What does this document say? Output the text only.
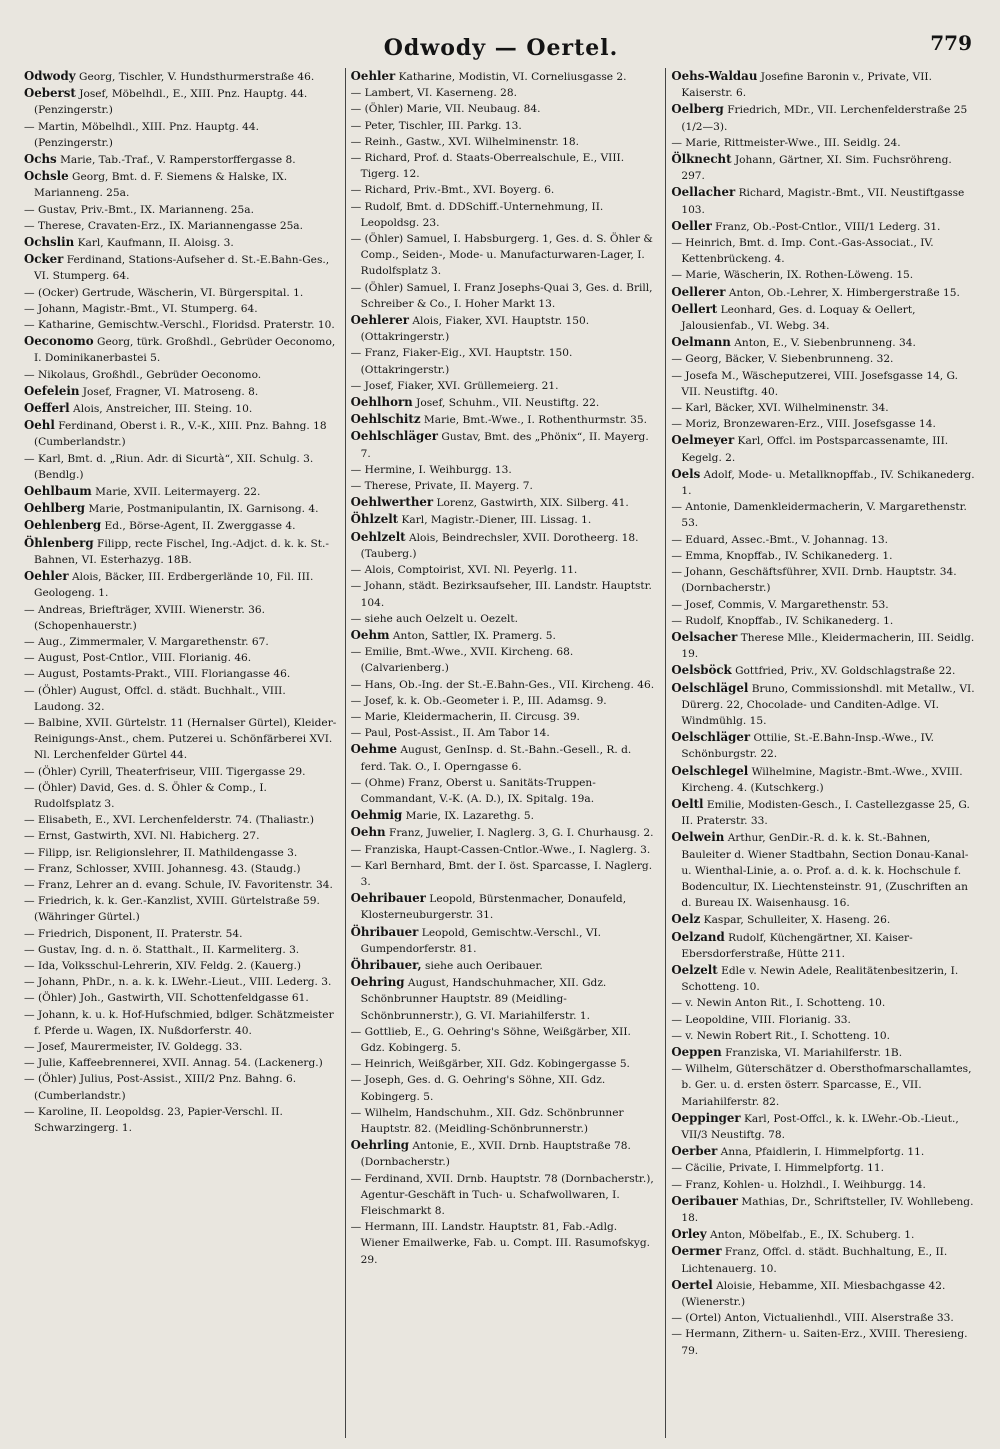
Odwody — Oertel.	779

Odwody Georg, Tischler, V. Hundsthurmerstraße 46.

Oeberst Josef, Möbelhdl., E., XIII. Pnz. Hauptg. 44. (Penzingerstr.)

— Martin, Möbelhdl., XIII. Pnz. Hauptg. 44. (Penzingerstr.)

Ochs Marie, Tab.-Traf., V. Ramperstorffergasse 8.

Ochsle Georg, Bmt. d. F. Siemens & Halske, IX. Mariannеng. 25a.

— Gustav, Priv.-Bmt., IX. Mariannеng. 25a.

— Therese, Cravaten-Erz., IX. Mariannеngasse 25a.

Ochslin Karl, Kaufmann, II. Aloisg. 3.

Ocker Ferdinand, Stations-Aufseher d. St.-E.Bahn-Ges., VI. Stumperg. 64.

— (Ocker) Gertrude, Wäscherin, VI. Bürgerspital. 1.

— Johann, Magistr.-Bmt., VI. Stumperg. 64.

— Katharine, Gemischtw.-Verschl., Floridsd. Praterstr. 10.

Oeconomo Georg, türk. Großhdl., Gebrüder Oeconomo, I. Dominikanerbastei 5.

— Nikolaus, Großhdl., Gebrüder Oeconomo.

Oefelein Josef, Fragner, VI. Matrosеng. 8.

Oefferl Alois, Anstreicher, III. Steing. 10.

Oehl Ferdinand, Oberst i. R., V.-K., XIII. Pnz. Bahng. 18 (Cumberlandstr.)

— Karl, Bmt. d. „Riun. Adr. di Sicurtà“, XII. Schulg. 3. (Bendlg.)

Oehlbaum Marie, XVII. Leitermayerg. 22.

Oehlberg Marie, Postmanipulantin, IX. Garnisong. 4.

Oehlenberg Ed., Börse-Agent, II. Zwerggasse 4.

Öhlenberg Filipp, recte Fischel, Ing.-Adjct. d. k. k. St.-Bahnen, VI. Esterhazyg. 18B.

Oehler Alois, Bäcker, III. Erdbergerlände 10, Fil. III. Geologeng. 1.

— Andreas, Briefträger, XVIII. Wienerstr. 36. (Schopenhauerstr.)

— Aug., Zimmermaler, V. Margarethenstr. 67.

— August, Post-Cntlor., VIII. Florianig. 46.

— August, Postamts-Prakt., VIII. Floriangasse 46.

— (Öhler) August, Offcl. d. städt. Buchhalt., VIII. Laudong. 32.

— Balbine, XVII. Gürtelstr. 11 (Hernalser Gürtel), Kleider-Reinigungs-Anst., chem. Putzerei u. Schönfärberei XVI. Nl. Lerchenfelder Gürtel 44.

— (Öhler) Cyrill, Theaterfriseur, VIII. Tigergasse 29.

— (Öhler) David, Ges. d. S. Öhler & Comp., I. Rudolfsplatz 3.

— Elisabeth, E., XVI. Lerchenfelderstr. 74. (Thaliastr.)

— Ernst, Gastwirth, XVI. Nl. Habicherg. 27.

— Filipp, isr. Religionslehrer, II. Mathildengasse 3.

— Franz, Schlosser, XVIII. Johannesg. 43. (Staudg.)

— Franz, Lehrer an d. evang. Schule, IV. Favoritenstr. 34.

— Friedrich, k. k. Ger.-Kanzlist, XVIII. Gürtelstraße 59. (Währinger Gürtel.)

— Friedrich, Disponent, II. Praterstr. 54.

— Gustav, Ing. d. n. ö. Statthalt., II. Karmeliterg. 3.

— Ida, Volksschul-Lehrerin, XIV. Feldg. 2. (Kauerg.)

— Johann, PhDr., n. a. k. k. LWehr.-Lieut., VIII. Lederg. 3.

— (Öhler) Joh., Gastwirth, VII. Schottenfeldgasse 61.

— Johann, k. u. k. Hof-Hufschmied, bdlger. Schätzmeister f. Pferde u. Wagen, IX. Nußdorferstr. 40.

— Josef, Maurermeister, IV. Goldegg. 33.

— Julie, Kaffeebrennerei, XVII. Annag. 54. (Lackenerg.)

— (Öhler) Julius, Post-Assist., XIII/2 Pnz. Bahng. 6. (Cumberlandstr.)

— Karoline, II. Leopoldsg. 23, Papier-Verschl. II. Schwarzingerg. 1.

Oehler Katharine, Modistin, VI. Corneliusgasse 2.

— Lambert, VI. Kaserneng. 28.

— (Öhler) Marie, VII. Neubaug. 84.

— Peter, Tischler, III. Parkg. 13.

— Reinh., Gastw., XVI. Wilhelminenstr. 18.

— Richard, Prof. d. Staats-Oberrealschule, E., VIII. Tigerg. 12.

— Richard, Priv.-Bmt., XVI. Boyerg. 6.

— Rudolf, Bmt. d. DDSchiff.-Unternehmung, II. Leopoldsg. 23.

— (Öhler) Samuel, I. Habsburgerg. 1, Ges. d. S. Öhler & Comp., Seiden-, Mode- u. Manufacturwaren-Lager, I. Rudolfsplatz 3.

— (Öhler) Samuel, I. Franz Josephs-Quai 3, Ges. d. Brill, Schreiber & Co., I. Hoher Markt 13.

Oehlerer Alois, Fiaker, XVI. Hauptstr. 150. (Ottakringerstr.)

— Franz, Fiaker-Eig., XVI. Hauptstr. 150. (Ottakringerstr.)

— Josef, Fiaker, XVI. Grüllemeierg. 21.

Oehlhorn Josef, Schuhm., VII. Neustiftg. 22.

Oehlschitz Marie, Bmt.-Wwe., I. Rothenthurmstr. 35.

Oehlschläger Gustav, Bmt. des „Phönix“, II. Mayerg. 7.

— Hermine, I. Weihburgg. 13.

— Therese, Private, II. Mayerg. 7.

Oehlwerther Lorenz, Gastwirth, XIX. Silberg. 41.

Öhlzelt Karl, Magistr.-Diener, III. Lissag. 1.

Oehlzelt Alois, Beindrechsler, XVII. Dorotheerg. 18. (Tauberg.)

— Alois, Comptoirist, XVI. Nl. Peyerlg. 11.

— Johann, städt. Bezirksaufseher, III. Landstr. Hauptstr. 104.

— siehe auch Oelzelt u. Oezelt.

Oehm Anton, Sattler, IX. Pramerg. 5.

— Emilie, Bmt.-Wwe., XVII. Kircheng. 68. (Calvarienberg.)

— Hans, Ob.-Ing. der St.-E.Bahn-Ges., VII. Kircheng. 46.

— Josef, k. k. Ob.-Geometer i. P., III. Adamsg. 9.

— Marie, Kleidermacherin, II. Circusg. 39.

— Paul, Post-Assist., II. Am Tabor 14.

Oehme August, GenInsp. d. St.-Bahn.-Gesell., R. d. ferd. Tak. O., I. Operngasse 6.

— (Ohme) Franz, Oberst u. Sanitäts-Truppen-Commandant, V.-K. (A. D.), IX. Spitalg. 19a.

Oehmig Marie, IX. Lazarethg. 5.

Oehn Franz, Juwelier, I. Naglerg. 3, G. I. Churhausg. 2.

— Franziska, Haupt-Cassen-Cntlor.-Wwe., I. Naglerg. 3.

— Karl Bernhard, Bmt. der I. öst. Sparcasse, I. Naglerg. 3.

Oehribauer Leopold, Bürstenmacher, Donaufeld, Klosterneuburgerstr. 31.

Öhribauer Leopold, Gemischtw.-Verschl., VI. Gumpendorferstr. 81.

Öhribauer, siehe auch Oeribauer.

Oehring August, Handschuhmacher, XII. Gdz. Schönbrunner Hauptstr. 89 (Meidling-Schönbrunnerstr.), G. VI. Mariahilferstr. 1.

— Gottlieb, E., G. Oehring's Söhne, Weißgärber, XII. Gdz. Kobingerg. 5.

— Heinrich, Weißgärber, XII. Gdz. Kobingergasse 5.

— Joseph, Ges. d. G. Oehring's Söhne, XII. Gdz. Kobingerg. 5.

— Wilhelm, Handschuhm., XII. Gdz. Schönbrunner Hauptstr. 82. (Meidling-Schönbrunnerstr.)

Oehrling Antonie, E., XVII. Drnb. Hauptstraße 78. (Dornbacherstr.)

— Ferdinand, XVII. Drnb. Hauptstr. 78 (Dornbacherstr.), Agentur-Geschäft in Tuch- u. Schafwollwaren, I. Fleischmarkt 8.

— Hermann, III. Landstr. Hauptstr. 81, Fab.-Adlg. Wiener Emailwerke, Fab. u. Compt. III. Rasumofskyg. 29.

Oehs-Waldau Josefine Baronin v., Private, VII. Kaiserstr. 6.

Oelberg Friedrich, MDr., VII. Lerchenfelderstraße 25 (1/2—3).

— Marie, Rittmeister-Wwe., III. Seidlg. 24.

Ölknecht Johann, Gärtner, XI. Sim. Fuchsröhreng. 297.

Oellacher Richard, Magistr.-Bmt., VII. Neustiftgasse 103.

Oeller Franz, Ob.-Post-Cntlor., VIII/1 Lederg. 31.

— Heinrich, Bmt. d. Imp. Cont.-Gas-Associat., IV. Kettenbrückeng. 4.

— Marie, Wäscherin, IX. Rothen-Löweng. 15.

Oellerer Anton, Ob.-Lehrer, X. Himbergerstraße 15.

Oellert Leonhard, Ges. d. Loquay & Oellert, Jalousienfab., VI. Webg. 34.

Oelmann Anton, E., V. Siebenbrunneng. 34.

— Georg, Bäcker, V. Siebenbrunneng. 32.

— Josefa M., Wäscheputzerei, VIII. Josefsgasse 14, G. VII. Neustiftg. 40.

— Karl, Bäcker, XVI. Wilhelminenstr. 34.

— Moriz, Bronzewaren-Erz., VIII. Josefsgasse 14.

Oelmeyer Karl, Offcl. im Postsparcassenamte, III. Kegelg. 2.

Oels Adolf, Mode- u. Metallknopffab., IV. Schikanederg. 1.

— Antonie, Damenkleidermacherin, V. Margarethenstr. 53.

— Eduard, Assec.-Bmt., V. Johannag. 13.

— Emma, Knopffab., IV. Schikanederg. 1.

— Johann, Geschäftsführer, XVII. Drnb. Hauptstr. 34. (Dornbacherstr.)

— Josef, Commis, V. Margarethenstr. 53.

— Rudolf, Knopffab., IV. Schikanederg. 1.

Oelsacher Therese Mlle., Kleidermacherin, III. Seidlg. 19.

Oelsböck Gottfried, Priv., XV. Goldschlagstraße 22.

Oelschlägel Bruno, Commissionshdl. mit Metallw., VI. Dürerg. 22, Chocolade- und Canditen-Adlge. VI. Windmühlg. 15.

Oelschläger Ottilie, St.-E.Bahn-Insp.-Wwe., IV. Schönburgstr. 22.

Oelschlegel Wilhelmine, Magistr.-Bmt.-Wwe., XVIII. Kircheng. 4. (Kutschkerg.)

Oeltl Emilie, Modisten-Gesch., I. Castellezgasse 25, G. II. Praterstr. 33.

Oelwein Arthur, GenDir.-R. d. k. k. St.-Bahnen, Bauleiter d. Wiener Stadtbahn, Section Donau-Kanal- u. Wienthal-Linie, a. o. Prof. a. d. k. k. Hochschule f. Bodencultur, IX. Liechtensteinstr. 91, (Zuschriften an d. Bureau IX. Waisenhausg. 16.

Oelz Kaspar, Schulleiter, X. Haseng. 26.

Oelzand Rudolf, Küchengärtner, XI. Kaiser-Ebersdorferstraße, Hütte 211.

Oelzelt Edle v. Newin Adele, Realitätenbesitzerin, I. Schotteng. 10.

— v. Newin Anton Rit., I. Schotteng. 10.

— Leopoldine, VIII. Florianig. 33.

— v. Newin Robert Rit., I. Schotteng. 10.

Oeppen Franziska, VI. Mariahilferstr. 1B.

— Wilhelm, Güterschätzer d. Obersthofmarschallamtes, b. Ger. u. d. ersten österr. Sparcasse, E., VII. Mariahilferstr. 82.

Oeppinger Karl, Post-Offcl., k. k. LWehr.-Ob.-Lieut., VII/3 Neustiftg. 78.

Oerber Anna, Pfaidlerin, I. Himmelpfortg. 11.

— Cäcilie, Private, I. Himmelpfortg. 11.

— Franz, Kohlen- u. Holzhdl., I. Weihburgg. 14.

Oeribauer Mathias, Dr., Schriftsteller, IV. Wohllebeng. 18.

Orley Anton, Möbelfab., E., IX. Schuberg. 1.

Oermer Franz, Offcl. d. städt. Buchhaltung, E., II. Lichtenauerg. 10.

Oertel Aloisie, Hebamme, XII. Miesbachgasse 42. (Wienerstr.)

— (Ortel) Anton, Victualienhdl., VIII. Alserstraße 33.

— Hermann, Zithern- u. Saiten-Erz., XVIII. Theresieng. 79.
